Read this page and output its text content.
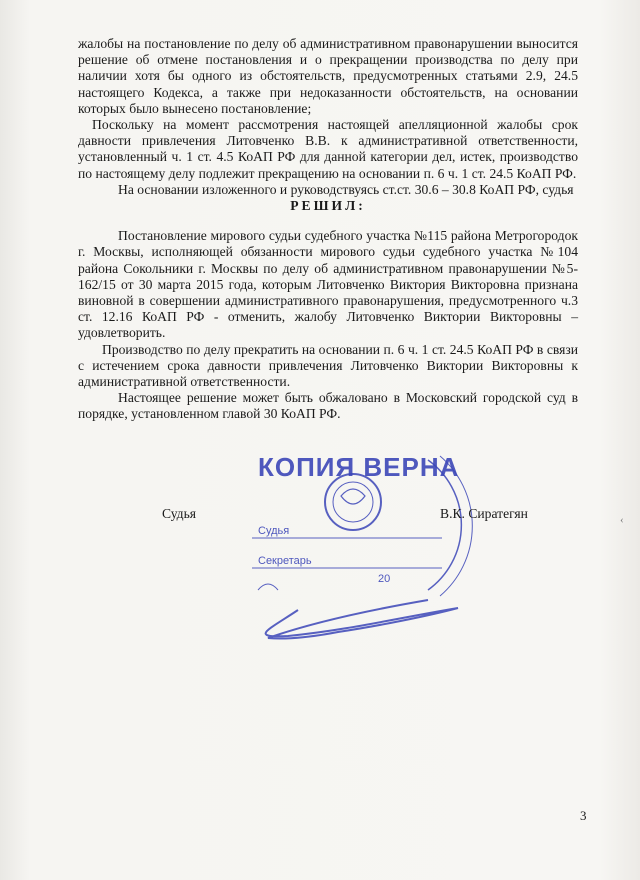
жалобы на постановление по делу об административном правонарушении выносится решение об отмене постановления и о прекращении производства по делу при наличии хотя бы одного из обстоятельств, предусмотренных статьями 2.9, 24.5 настоящего Кодекса, а также при недоказанности обстоятельств, на основании которых было вынесено постановление;

Поскольку на момент рассмотрения настоящей апелляционной жалобы срок давности привлечения Литовченко В.В. к административной ответственности, установленный ч. 1 ст. 4.5 КоАП РФ для данной категории дел, истек, производство по настоящему делу подлежит прекращению на основании п. 6 ч. 1 ст. 24.5 КоАП РФ.

На основании изложенного и руководствуясь ст.ст. 30.6 – 30.8 КоАП РФ, судья

РЕШИЛ:

Постановление мирового судьи судебного участка №115 района Метрогородок г. Москвы, исполняющей обязанности мирового судьи судебного участка №104 района Сокольники г. Москвы по делу об административном правонарушении №5-162/15 от 30 марта 2015 года, которым Литовченко Виктория Викторовна признана виновной в совершении административного правонарушения, предусмотренного ч.3 ст. 12.16 КоАП РФ - отменить, жалобу Литовченко Виктории Викторовны – удовлетворить.

Производство по делу прекратить на основании п. 6 ч. 1 ст. 24.5 КоАП РФ в связи с истечением срока давности привлечения Литовченко Виктории Викторовны к административной ответственности.

Настоящее решение может быть обжаловано в Московский городской суд в порядке, установленном главой 30 КоАП РФ.

КОПИЯ ВЕРНА
Судья
Секретарь
20
Судья	В.К. Сиратегян	‹
3
